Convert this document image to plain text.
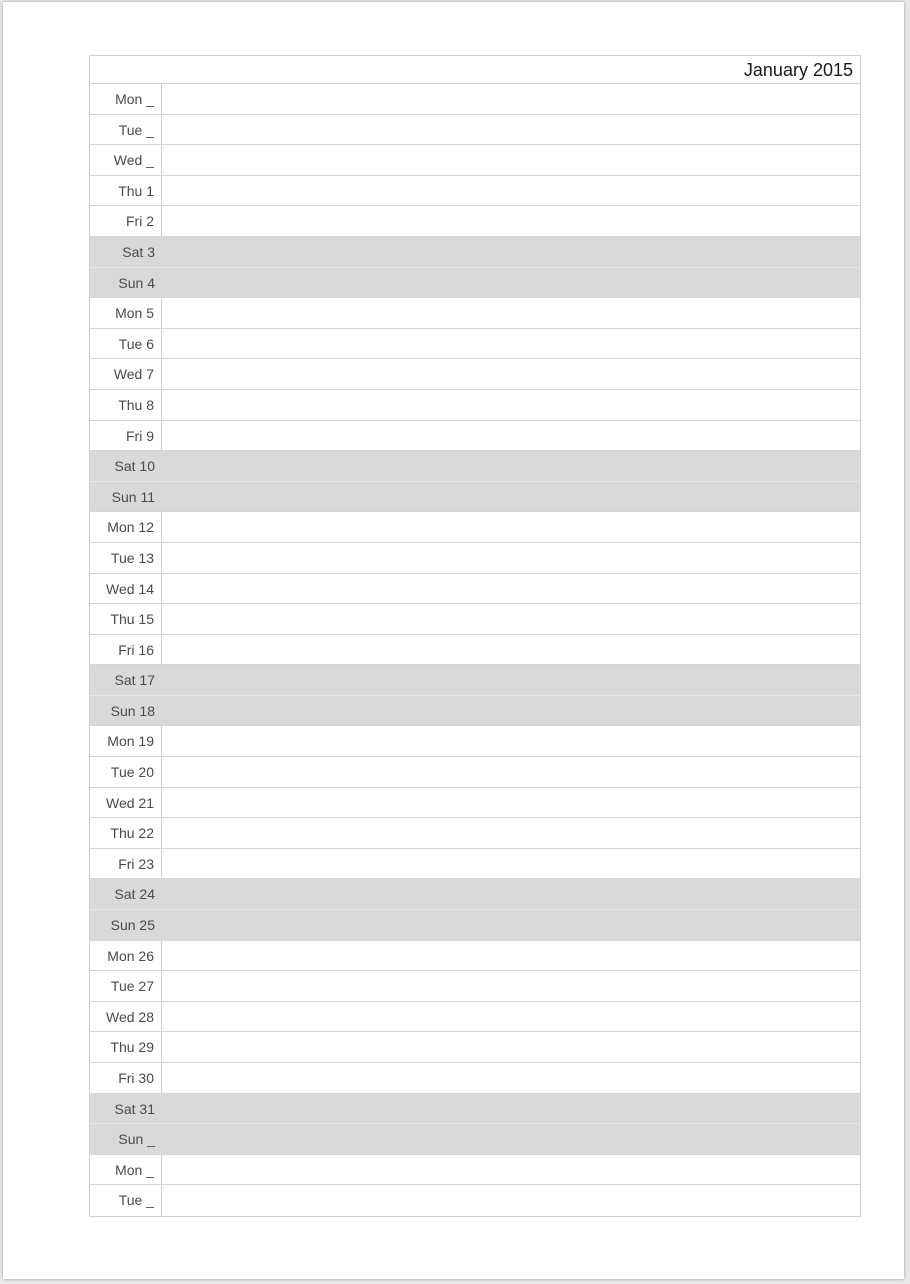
January 2015
Mon _
Tue _
Wed _
Thu 1
Fri 2
Sat 3
Sun 4
Mon 5
Tue 6
Wed 7
Thu 8
Fri 9
Sat 10
Sun 11
Mon 12
Tue 13
Wed 14
Thu 15
Fri 16
Sat 17
Sun 18
Mon 19
Tue 20
Wed 21
Thu 22
Fri 23
Sat 24
Sun 25
Mon 26
Tue 27
Wed 28
Thu 29
Fri 30
Sat 31
Sun _
Mon _
Tue _
